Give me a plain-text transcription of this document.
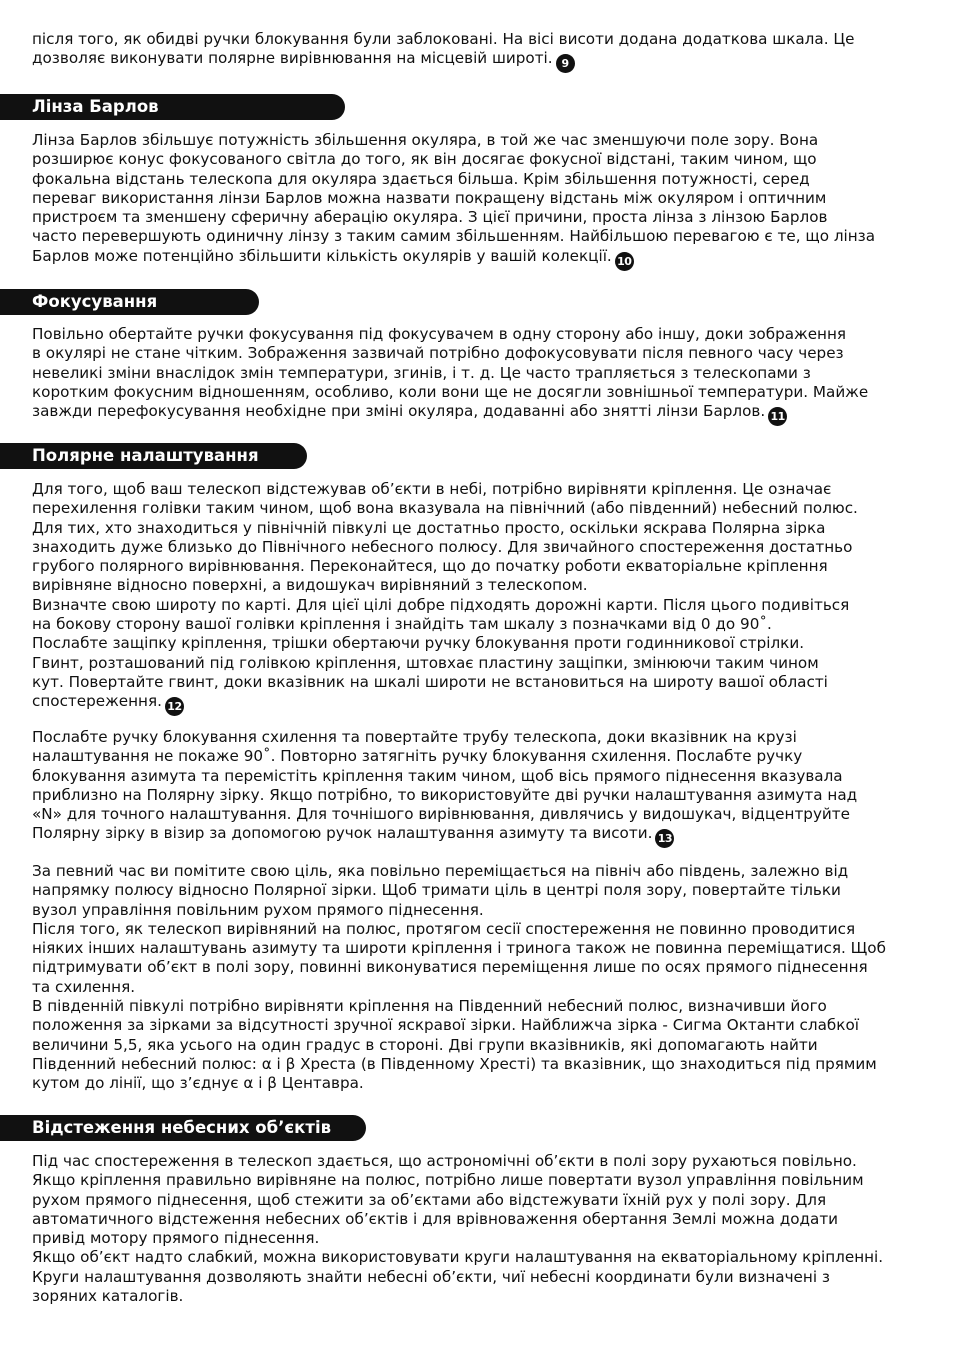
після того, як обидві ручки блокування були заблоковані. На вісі висоти додана додаткова шкала. Це
дозволяє виконувати полярне вирівнювання на місцевій широті. 9
Лінза Барлов
Лінза Барлов збільшує потужність збільшення окуляра, в той же час зменшуючи поле зору. Вона
розширює конус фокусованого світла до того, як він досягає фокусної відстані, таким чином, що
фокальна відстань телескопа для окуляра здається більша. Крім збільшення потужності, серед
переваг використання лінзи Барлов можна назвати покращену відстань між окуляром і оптичним
пристроєм та зменшену сферичну аберацію окуляра. З цієї причини, проста лінза з лінзою Барлов
часто перевершують одиничну лінзу з таким самим збільшенням. Найбільшою перевагою є те, що лінза
Барлов може потенційно збільшити кількість окулярів у вашій колекції. 10
Фокусування
Повільно обертайте ручки фокусування під фокусувачем в одну сторону або іншу, доки зображення
в окулярі не стане чітким. Зображення зазвичай потрібно дофокусовувати після певного часу через
невеликі зміни внаслідок змін температури, згинів, і т. д. Це часто трапляється з телескопами з
коротким фокусним відношенням, особливо, коли вони ще не досягли зовнішньої температури. Майже
завжди перефокусування необхідне при зміні окуляра, додаванні або знятті лінзи Барлов. 11
Полярне налаштування
Для того, щоб ваш телескоп відстежував об’єкти в небі, потрібно вирівняти кріплення. Це означає
перехилення голівки таким чином, щоб вона вказувала на північний (або південний) небесний полюс.
Для тих, хто знаходиться у північній півкулі це достатньо просто, оскільки яскрава Полярна зірка
знаходить дуже близько до Північного небесного полюсу. Для звичайного спостереження достатньо
грубого полярного вирівнювання. Переконайтеся, що до початку роботи екваторіальне кріплення
вирівняне відносно поверхні, а видошукач вирівняний з телескопом.
Визначте свою широту по карті. Для цієї цілі добре підходять дорожні карти. Після цього подивіться
на бокову сторону вашої голівки кріплення і знайдіть там шкалу з позначками від 0 до 90˚.
Послабте защіпку кріплення, трішки обертаючи ручку блокування проти годинникової стрілки.
Гвинт, розташований під голівкою кріплення, штовхає пластину защіпки, змінюючи таким чином
кут. Повертайте гвинт, доки вказівник на шкалі широти не встановиться на широту вашої області
спостереження. 12
Послабте ручку блокування схилення та повертайте трубу телескопа, доки вказівник на крузі
налаштування не покаже 90˚. Повторно затягніть ручку блокування схилення. Послабте ручку
блокування азимута та перемістіть кріплення таким чином, щоб вісь прямого піднесення вказувала
приблизно на Полярну зірку. Якщо потрібно, то використовуйте дві ручки налаштування азимута над
«N» для точного налаштування. Для точнішого вирівнювання, дивлячись у видошукач, відцентруйте
Полярну зірку в візир за допомогою ручок налаштування азимуту та висоти. 13
За певний час ви помітите свою ціль, яка повільно переміщається на північ або південь, залежно від
напрямку полюсу відносно Полярної зірки. Щоб тримати ціль в центрі поля зору, повертайте тільки
вузол управління повільним рухом прямого піднесення.
Після того, як телескоп вирівняний на полюс, протягом сесії спостереження не повинно проводитися
ніяких інших налаштувань азимуту та широти кріплення і тринога також не повинна переміщатися. Щоб
підтримувати об’єкт в полі зору, повинні виконуватися переміщення лише по осях прямого піднесення
та схилення.
В південній півкулі потрібно вирівняти кріплення на Південний небесний полюс, визначивши його
положення за зірками за відсутності зручної яскравої зірки. Найближча зірка - Сигма Октанти слабкої
величини 5,5, яка усього на один градус в стороні. Дві групи вказівників, які допомагають найти
Південний небесний полюс: α і β Хреста (в Південному Хресті) та вказівник, що знаходиться під прямим
кутом до лінії, що з’єднує α і β Центавра.
Відстеження небесних об’єктів
Під час спостереження в телескоп здається, що астрономічні об’єкти в полі зору рухаються повільно.
Якщо кріплення правильно вирівняне на полюс, потрібно лише повертати вузол управління повільним
рухом прямого піднесення, щоб стежити за об’єктами або відстежувати їхній рух у полі зору. Для
автоматичного відстеження небесних об’єктів і для врівноваження обертання Землі можна додати
привід мотору прямого піднесення.
Якщо об’єкт надто слабкий, можна використовувати круги налаштування на екваторіальному кріпленні.
Круги налаштування дозволяють знайти небесні об’єкти, чиї небесні координати були визначені з
зоряних каталогів.
